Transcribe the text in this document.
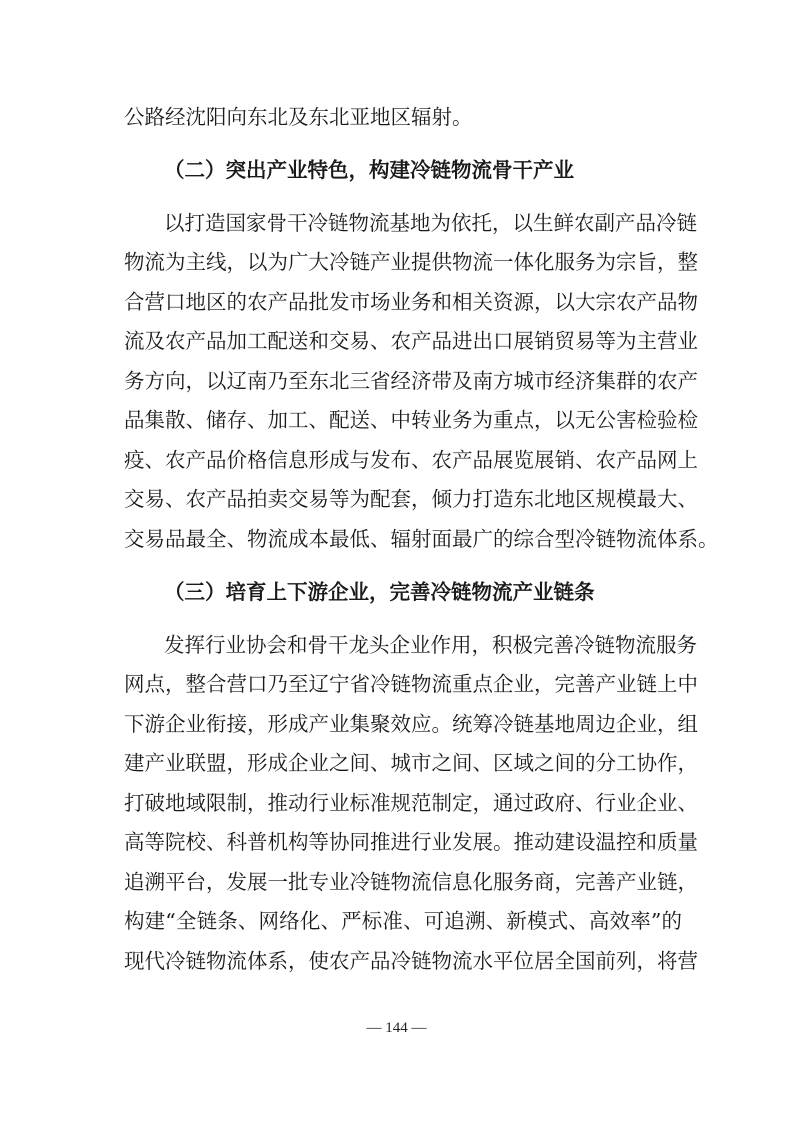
公路经沈阳向东北及东北亚地区辐射。
（二）突出产业特色，构建冷链物流骨干产业
以打造国家骨干冷链物流基地为依托，以生鲜农副产品冷链
物流为主线，以为广大冷链产业提供物流一体化服务为宗旨，整
合营口地区的农产品批发市场业务和相关资源，以大宗农产品物
流及农产品加工配送和交易、农产品进出口展销贸易等为主营业
务方向，以辽南乃至东北三省经济带及南方城市经济集群的农产
品集散、储存、加工、配送、中转业务为重点，以无公害检验检
疫、农产品价格信息形成与发布、农产品展览展销、农产品网上
交易、农产品拍卖交易等为配套，倾力打造东北地区规模最大、
交易品最全、物流成本最低、辐射面最广的综合型冷链物流体系。
（三）培育上下游企业，完善冷链物流产业链条
发挥行业协会和骨干龙头企业作用，积极完善冷链物流服务
网点，整合营口乃至辽宁省冷链物流重点企业，完善产业链上中
下游企业衔接，形成产业集聚效应。统筹冷链基地周边企业，组
建产业联盟，形成企业之间、城市之间、区域之间的分工协作，
打破地域限制，推动行业标准规范制定，通过政府、行业企业、
高等院校、科普机构等协同推进行业发展。推动建设温控和质量
追溯平台，发展一批专业冷链物流信息化服务商，完善产业链，
构建“全链条、网络化、严标准、可追溯、新模式、高效率”的
现代冷链物流体系，使农产品冷链物流水平位居全国前列，将营
— 144 —
